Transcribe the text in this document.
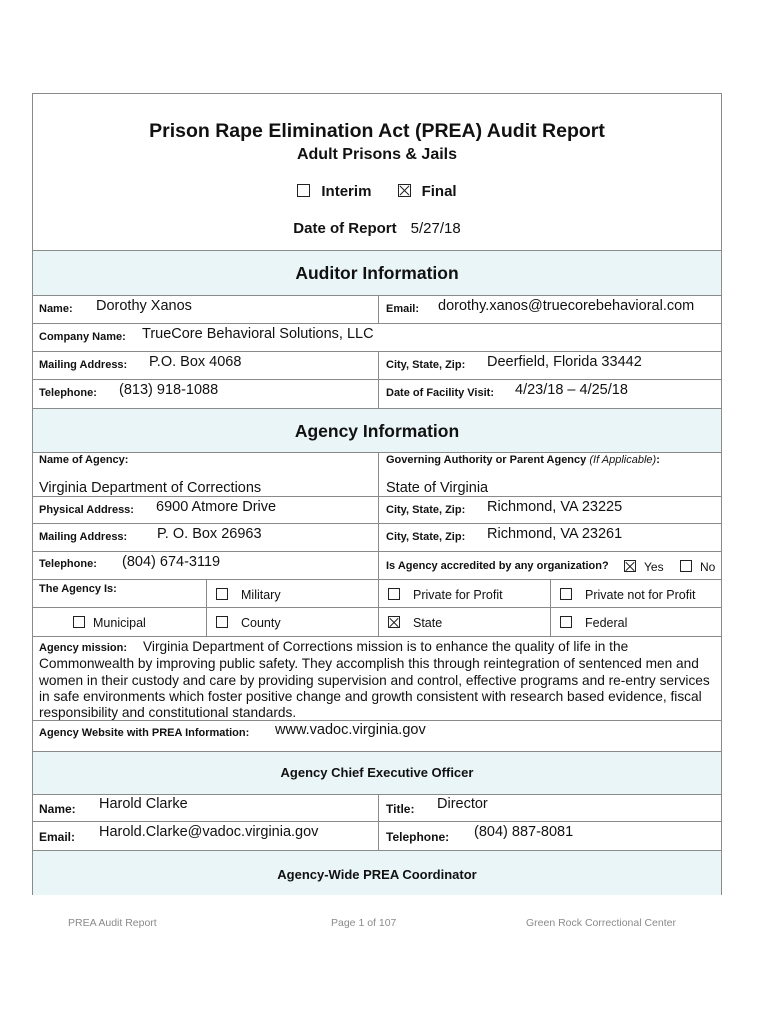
Prison Rape Elimination Act (PREA) Audit Report
Adult Prisons & Jails
Interim	Final
Date of Report 5/27/18
Auditor Information
Name: Dorothy Xanos	Email: dorothy.xanos@truecorebehavioral.com
Company Name: TrueCore Behavioral Solutions, LLC
Mailing Address: P.O. Box 4068	City, State, Zip: Deerfield, Florida 33442
Telephone: (813) 918-1088	Date of Facility Visit: 4/23/18 – 4/25/18
Agency Information
Name of Agency:
Virginia Department of Corrections
Governing Authority or Parent Agency (If Applicable):
State of Virginia
Physical Address: 6900 Atmore Drive	City, State, Zip: Richmond, VA 23225
Mailing Address: P. O. Box 26963	City, State, Zip: Richmond, VA 23261
Telephone: (804) 674-3119	Is Agency accredited by any organization?	Yes	No
The Agency Is:	Military	Private for Profit	Private not for Profit
Municipal	County	State	Federal
Agency mission: Virginia Department of Corrections mission is to enhance the quality of life in the Commonwealth by improving public safety. They accomplish this through reintegration of sentenced men and women in their custody and care by providing supervision and control, effective programs and re-entry services in safe environments which foster positive change and growth consistent with research based evidence, fiscal responsibility and constitutional standards.
Agency Website with PREA Information: www.vadoc.virginia.gov
Agency Chief Executive Officer
Name: Harold Clarke	Title: Director
Email: Harold.Clarke@vadoc.virginia.gov	Telephone: (804) 887-8081
Agency-Wide PREA Coordinator
PREA Audit Report	Page 1 of 107	Green Rock Correctional Center
